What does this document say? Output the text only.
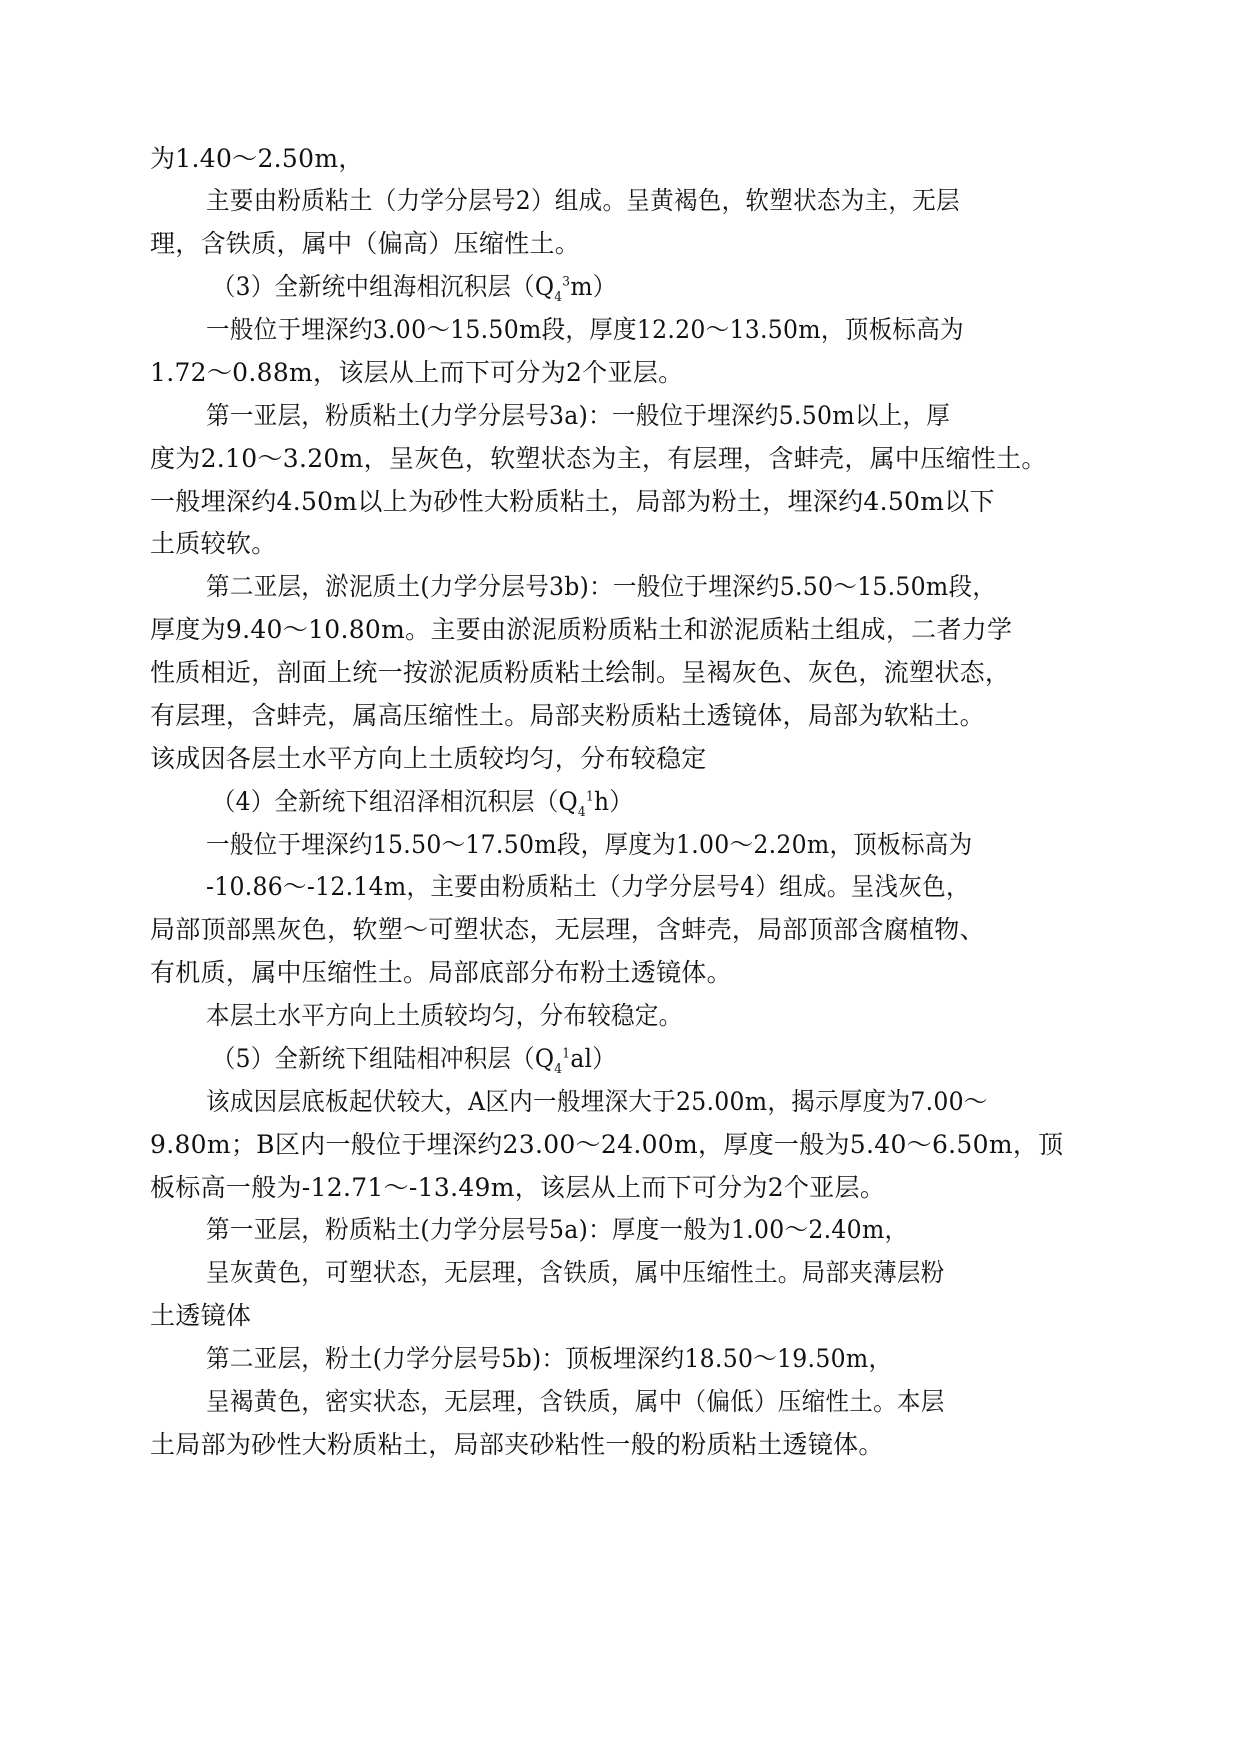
为1.40～2.50m，

主要由粉质粘土（力学分层号2）组成。呈黄褐色，软塑状态为主，无层

理，含铁质，属中（偏高）压缩性土。

（3）全新统中组海相沉积层$(Q_4^3m)$

一般位于埋深约3.00～15.50m段，厚度12.20～13.50m，顶板标高为

1.72～0.88m，该层从上而下可分为2个亚层。

第一亚层，粉质粘土(力学分层号3a)：一般位于埋深约5.50m以上，厚

度为2.10～3.20m，呈灰色，软塑状态为主，有层理，含蚌壳，属中压缩性土。

一般埋深约4.50m以上为砂性大粉质粘土，局部为粉土，埋深约4.50m以下

土质较软。

第二亚层，淤泥质土(力学分层号3b)：一般位于埋深约5.50～15.50m段，

厚度为9.40～10.80m。主要由淤泥质粉质粘土和淤泥质粘土组成，二者力学

性质相近，剖面上统一按淤泥质粉质粘土绘制。呈褐灰色、灰色，流塑状态，

有层理，含蚌壳，属高压缩性土。局部夹粉质粘土透镜体，局部为软粘土。

该成因各层土水平方向上土质较均匀，分布较稳定

（4）全新统下组沼泽相沉积层$(Q_4^1h)$

一般位于埋深约15.50～17.50m段，厚度为1.00～2.20m，顶板标高为

-10.86～-12.14m，主要由粉质粘土（力学分层号4）组成。呈浅灰色，

局部顶部黑灰色，软塑～可塑状态，无层理，含蚌壳，局部顶部含腐植物、

有机质，属中压缩性土。局部底部分布粉土透镜体。

本层土水平方向上土质较均匀，分布较稳定。

（5）全新统下组陆相冲积层$(Q_4^1al)$

该成因层底板起伏较大，A区内一般埋深大于25.00m，揭示厚度为7.00～

9.80m；B区内一般位于埋深约23.00～24.00m，厚度一般为5.40～6.50m，顶

板标高一般为-12.71～-13.49m，该层从上而下可分为2个亚层。

第一亚层，粉质粘土(力学分层号5a)：厚度一般为1.00～2.40m，

呈灰黄色，可塑状态，无层理，含铁质，属中压缩性土。局部夹薄层粉

土透镜体

第二亚层，粉土(力学分层号5b)：顶板埋深约18.50～19.50m，

呈褐黄色，密实状态，无层理，含铁质，属中（偏低）压缩性土。本层

土局部为砂性大粉质粘土，局部夹砂粘性一般的粉质粘土透镜体。
